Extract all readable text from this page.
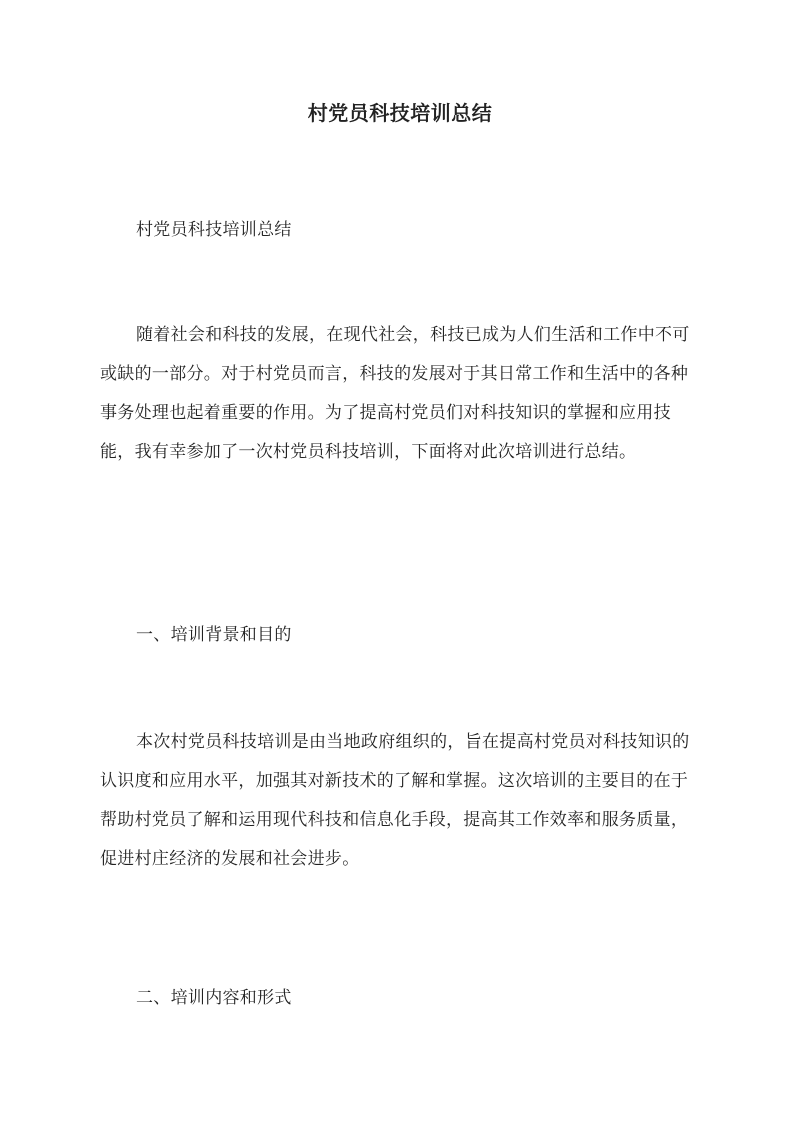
村党员科技培训总结

村党员科技培训总结

随着社会和科技的发展，在现代社会，科技已成为人们生活和工作中不可或缺的一部分。对于村党员而言，科技的发展对于其日常工作和生活中的各种事务处理也起着重要的作用。为了提高村党员们对科技知识的掌握和应用技能，我有幸参加了一次村党员科技培训，下面将对此次培训进行总结。

一、培训背景和目的

本次村党员科技培训是由当地政府组织的，旨在提高村党员对科技知识的认识度和应用水平，加强其对新技术的了解和掌握。这次培训的主要目的在于帮助村党员了解和运用现代科技和信息化手段，提高其工作效率和服务质量，促进村庄经济的发展和社会进步。

二、培训内容和形式
